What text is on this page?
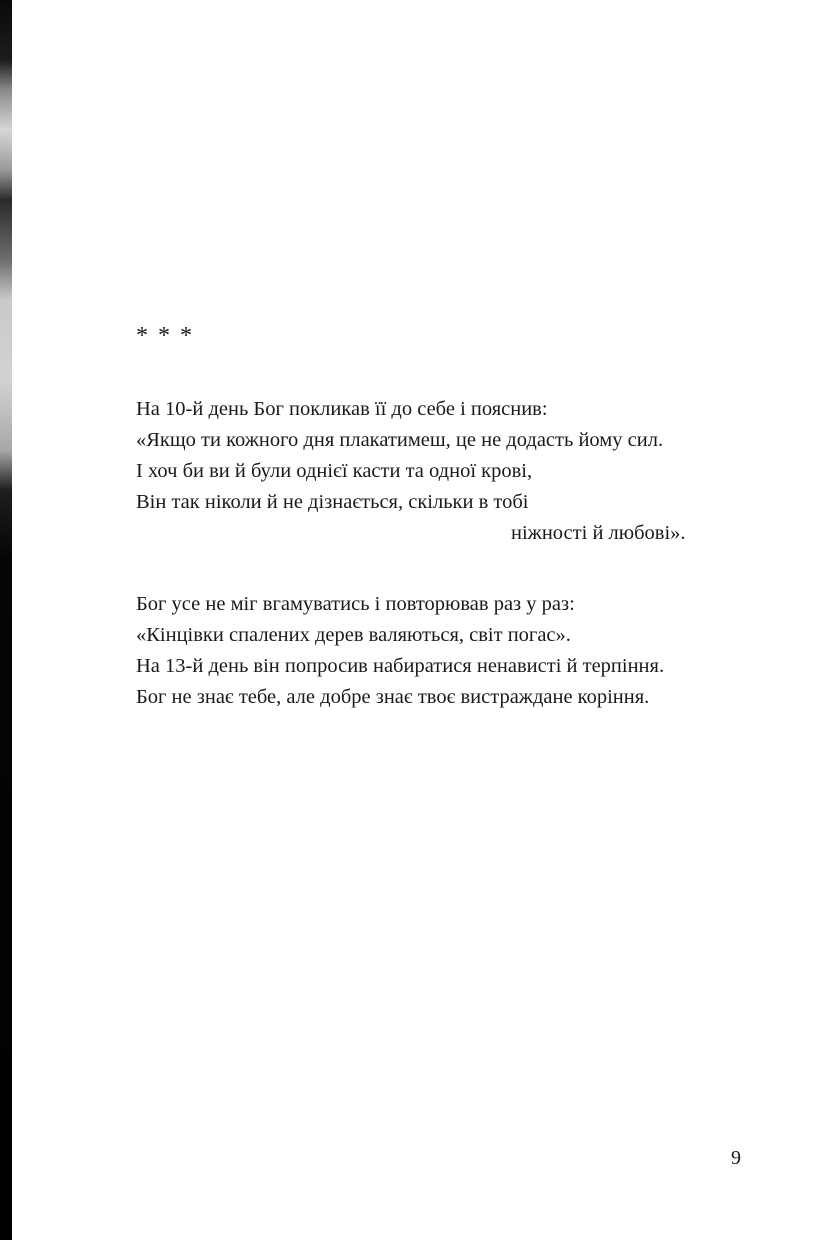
* * *
На 10-й день Бог покликав її до себе і пояснив:
«Якщо ти кожного дня плакатимеш, це не додасть йому сил.
І хоч би ви й були однієї касти та одної крові,
Він так ніколи й не дізнається, скільки в тобі
ніжності й любові».
Бог усе не міг вгамуватись і повторював раз у раз:
«Кінцівки спалених дерев валяються, світ погас».
На 13-й день він попросив набиратися ненависті й терпіння.
Бог не знає тебе, але добре знає твоє вистраждане коріння.
9
